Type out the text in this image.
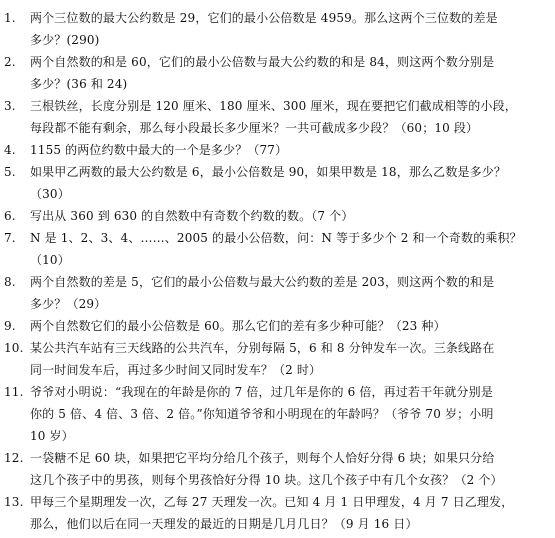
1.	两个三位数的最大公约数是 29，它们的最小公倍数是 4959。那么这两个三位数的差是
多少？(290)
2.	两个自然数的和是 60，它们的最小公倍数与最大公约数的和是 84，则这两个数分别是
多少？(36 和 24)
3.	三根铁丝，长度分别是 120 厘米、180 厘米、300 厘米，现在要把它们截成相等的小段，
每段都不能有剩余，那么每小段最长多少厘米？一共可截成多少段？（60；10 段）
4.	1155 的两位约数中最大的一个是多少？（77）
5.	如果甲乙两数的最大公约数是 6，最小公倍数是 90，如果甲数是 18，那么乙数是多少？
（30）
6.	写出从 360 到 630 的自然数中有奇数个约数的数。（7 个）
7.	N 是 1、2、3、4、……、2005 的最小公倍数，问：N 等于多少个 2 和一个奇数的乘积？
（10）
8.	两个自然数的差是 5，它们的最小公倍数与最大公约数的差是 203，则这两个数的和是
多少？（29）
9.	两个自然数它们的最小公倍数是 60。那么它们的差有多少种可能？（23 种）
10. 某公共汽车站有三天线路的公共汽车，分别每隔 5，6 和 8 分钟发车一次。三条线路在
同一时间发车后，再过多少时间又同时发车？（2 时）
11. 爷爷对小明说：“我现在的年龄是你的 7 倍，过几年是你的 6 倍，再过若干年就分别是
你的 5 倍、4 倍、3 倍、2 倍。”你知道爷爷和小明现在的年龄吗？（爷爷 70 岁；小明
10 岁）
12. 一袋糖不足 60 块，如果把它平均分给几个孩子，则每个人恰好分得 6 块；如果只分给
这几个孩子中的男孩，则每个男孩恰好分得 10 块。这几个孩子中有几个女孩？（2 个）
13. 甲每三个星期理发一次，乙每 27 天理发一次。已知 4 月 1 日甲理发，4 月 7 日乙理发，
那么，他们以后在同一天理发的最近的日期是几月几日？（9 月 16 日）
